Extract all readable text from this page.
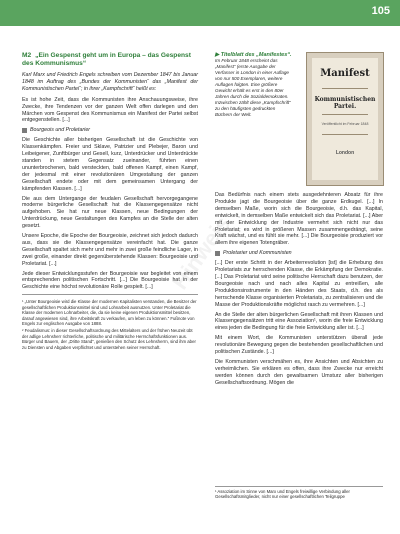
105
Hinweis
M2 „Ein Gespenst geht um in Europa – das Gespenst des Kommunismus“

Karl Marx und Friedrich Engels schreiben vom Dezember 1847 bis Januar 1848 im Auftrag des „Bundes der Kommunisten“ das „Manifest der Kommunistischen Partei“; in ihrer „Kampfschrift“ heißt es:

Es ist hohe Zeit, dass die Kommunisten ihre Anschauungsweise, ihre Zwecke, ihre Tendenzen vor der ganzen Welt offen darlegen und den Märchen vom Gespenst des Kommunismus ein Manifest der Partei selbst entgegenstellen. [...]

Bourgeois und Proletarier

Die Geschichte aller bisherigen Gesellschaft ist die Geschichte von Klassenkämpfen. Freier und Sklave, Patrizier und Plebejer, Baron und Leibeigener, Zunftbürger und Gesell, kurz, Unterdrücker und Unterdrückte standen in stetem Gegensatz zueinander, führten einen ununterbrochenen, bald versteckten, bald offenen Kampf, einen Kampf, der jedesmal mit einer revolutionären Umgestaltung der ganzen Gesellschaft endete oder mit dem gemeinsamen Untergang der kämpfenden Klassen. [...]

Die aus dem Untergange der feudalen Gesellschaft hervorgegangene moderne bürgerliche Gesellschaft hat die Klassengegensätze nicht aufgehoben. Sie hat nur neue Klassen, neue Bedingungen der Unterdrückung, neue Gestaltungen des Kampfes an die Stelle der alten gesetzt.

Unsere Epoche, die Epoche der Bourgeoisie, zeichnet sich jedoch dadurch aus, dass sie die Klassengegensätze vereinfacht hat. Die ganze Gesellschaft spaltet sich mehr und mehr in zwei große feindliche Lager, in zwei große, einander direkt gegenüberstehende Klassen: Bourgeoisie und Proletariat. [...]

Jede dieser Entwicklungsstufen der Bourgeoisie war begleitet von einem entsprechenden politischen Fortschritt. [...] Die Bourgeoisie hat in der Geschichte eine höchst revolutionäre Rolle gespielt. [...]

¹ „Unter Bourgeoisie wird die Klasse der modernen Kapitalisten verstanden, die Besitzer der gesellschaftlichen Produktionsmittel sind und Lohnarbeit ausnutzen. Unter Proletariat die Klasse der modernen Lohnarbeiter, die, da sie keine eigenen Produktionsmittel besitzen, darauf angewiesen sind, ihre Arbeitskraft zu verkaufen, um leben zu können.“ Fußnote von Engels zur englischen Ausgabe von 1888.
² Feudalismus: in dieser Gesellschaftsordnung des Mittelalters und der frühen Neuzeit übt der adlige Lehnsherr richterliche, politische und militärische Herrschaftsfunktionen aus. Bürger und Bauern, der „Dritte Stand“, genießen den Schutz des Lehnsherrn, sind ihm aber zu Diensten und Abgaben verpflichtet und unterstehen seiner Herrschaft.
▶ Titelblatt des „Manifestes“.
Im Februar 1848 erscheint das „Manifest“ (erste Ausgabe der Verfasser in London in einer Auflage von nur 500 Exemplaren, weitere Auflagen folgten. Eine größere Gewicht erhält es erst in den 80er Jahren durch die Sozialdemokraten. Inzwischen zählt diese „Kampfschrift“ zu den häufigsten gedruckten Büchern der Welt.
Manifest
Kommunistischen Partei.
Veröffentlicht im Februar 1848
London

Das Bedürfnis nach einem stets ausgedehnteren Absatz für ihre Produkte jagt die Bourgeoisie über die ganze Erdkugel. [...] In demselben Maße, worin sich die Bourgeoisie, d.h. das Kapital, entwickelt, in demselben Maße entwickelt sich das Proletariat. [...] Aber mit der Entwicklung der Industrie vermehrt sich nicht nur das Proletariat; es wird in größeren Massen zusammengedrängt, seine Kraft wächst, und es fühlt sie mehr. [...] Die Bourgeoisie produziert vor allem ihre eigenen Totengräber.

Proletarier und Kommunisten

[...] Der erste Schritt in der Arbeiterrevolution [ist] die Erhebung des Proletariats zur herrschenden Klasse, die Erkämpfung der Demokratie. [...] Das Proletariat wird seine politische Herrschaft dazu benutzen, der Bourgeoisie nach und nach alles Kapital zu entreißen, alle Produktionsinstrumente in den Händen des Staats, d.h. des als herrschende Klasse organisierten Proletariats, zu zentralisieren und die Masse der Produktionskräfte möglichst rasch zu vermehren. [...]

An die Stelle der alten bürgerlichen Gesellschaft mit ihren Klassen und Klassengegensätzen tritt eine Assoziation¹, worin die freie Entwicklung eines jeden die Bedingung für die freie Entwicklung aller ist. [...]

Mit einem Wort, die Kommunisten unterstützen überall jede revolutionäre Bewegung gegen die bestehenden gesellschaftlichen und politischen Zustände. [...]

Die Kommunisten verschmähen es, ihre Ansichten und Absichten zu verheimlichen. Sie erklären es offen, dass ihre Zwecke nur erreicht werden können durch den gewaltsamen Umsturz aller bisherigen Gesellschaftsordnung. Mögen die

¹ Assoziation im Sinne von Marx und Engels freiwillige Verbindung aller Gesellschaftsmitglieder, nicht nur einer gesellschaftlichen Teilgruppe
